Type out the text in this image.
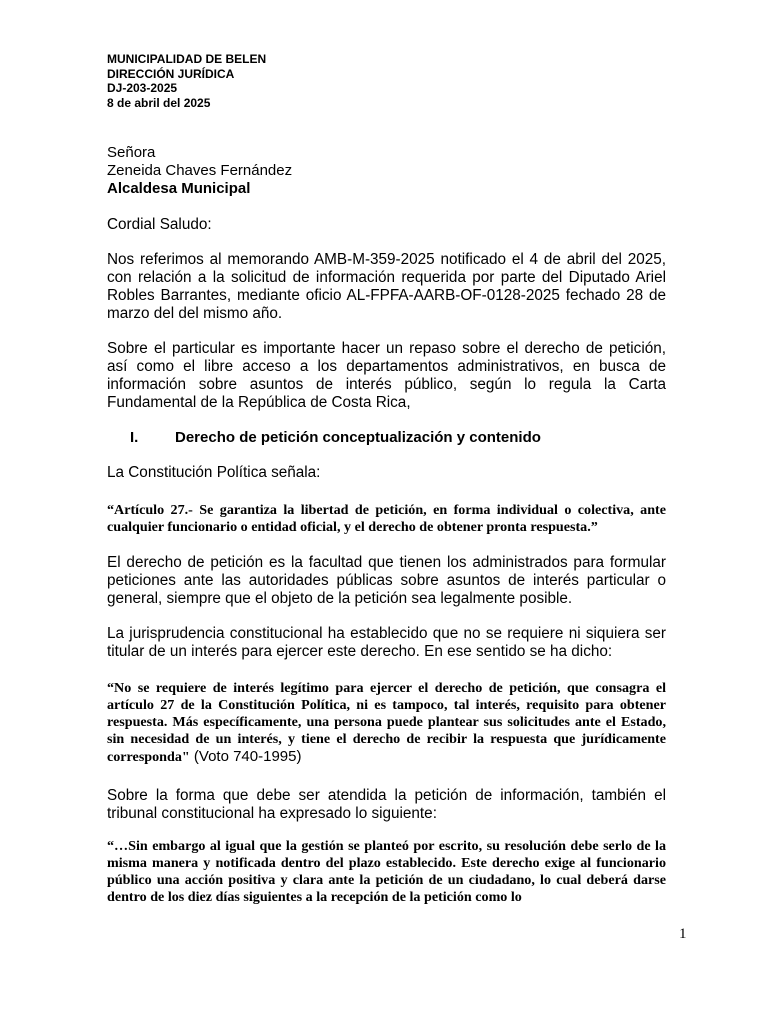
MUNICIPALIDAD DE BELEN
DIRECCIÓN JURÍDICA
DJ-203-2025
8 de abril del 2025
Señora
Zeneida Chaves Fernández
Alcaldesa Municipal
Cordial Saludo:
Nos referimos al memorando AMB-M-359-2025 notificado el 4 de abril del 2025, con relación a la solicitud de información requerida por parte del Diputado Ariel Robles Barrantes, mediante oficio AL-FPFA-AARB-OF-0128-2025 fechado 28 de marzo del del mismo año.
Sobre el particular es importante hacer un repaso sobre el derecho de petición, así como el libre acceso a los departamentos administrativos, en busca de información sobre asuntos de interés público, según lo regula la Carta Fundamental de la República de Costa Rica,
I. Derecho de petición conceptualización y contenido
La Constitución Política señala:
“Artículo 27.- Se garantiza la libertad de petición, en forma individual o colectiva, ante cualquier funcionario o entidad oficial, y el derecho de obtener pronta respuesta.”
El derecho de petición es la facultad que tienen los administrados para formular peticiones ante las autoridades públicas sobre asuntos de interés particular o general, siempre que el objeto de la petición sea legalmente posible.
La jurisprudencia constitucional ha establecido que no se requiere ni siquiera ser titular de un interés para ejercer este derecho. En ese sentido se ha dicho:
“No se requiere de interés legítimo para ejercer el derecho de petición, que consagra el artículo 27 de la Constitución Política, ni es tampoco, tal interés, requisito para obtener respuesta. Más específicamente, una persona puede plantear sus solicitudes ante el Estado, sin necesidad de un interés, y tiene el derecho de recibir la respuesta que jurídicamente corresponda" (Voto 740-1995)
Sobre la forma que debe ser atendida la petición de información, también el tribunal constitucional ha expresado lo siguiente:
“…Sin embargo al igual que la gestión se planteó por escrito, su resolución debe serlo de la misma manera y notificada dentro del plazo establecido. Este derecho exige al funcionario público una acción positiva y clara ante la petición de un ciudadano, lo cual deberá darse dentro de los diez días siguientes a la recepción de la petición como lo
1
